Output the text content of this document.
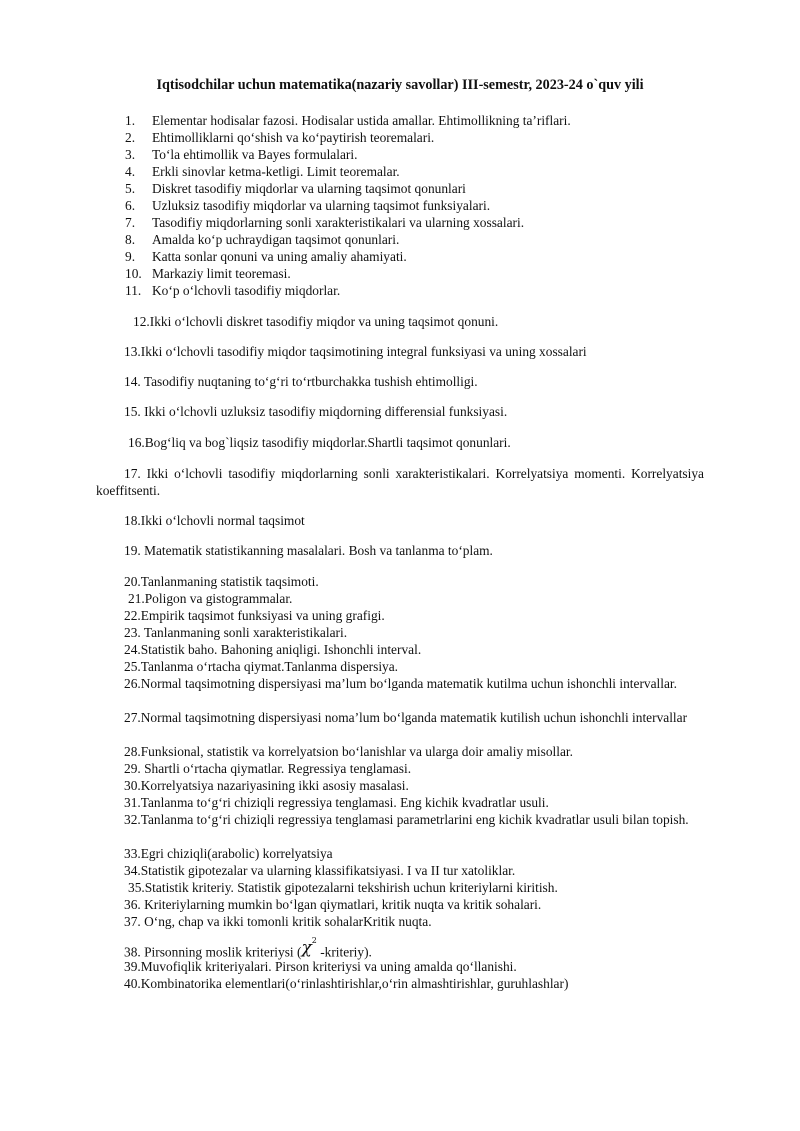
Iqtisodchilar uchun matematika(nazariy savollar) III-semestr, 2023-24 o`quv yili
1. Elementar hodisalar fazosi. Hodisalar ustida amallar. Ehtimollikning ta’riflari.
2. Ehtimolliklarni qo‘shish va ko‘paytirish teoremalari.
3. To‘la ehtimollik va Bayes formulalari.
4. Erkli sinovlar ketma-ketligi. Limit teoremalar.
5. Diskret tasodifiy miqdorlar va ularning taqsimot qonunlari
6. Uzluksiz tasodifiy miqdorlar va ularning taqsimot funksiyalari.
7. Tasodifiy miqdorlarning sonli xarakteristikalari va ularning xossalari.
8. Amalda ko‘p uchraydigan taqsimot qonunlari.
9. Katta sonlar qonuni va uning amaliy ahamiyati.
10. Markaziy limit teoremasi.
11. Ko‘p o‘lchovli tasodifiy miqdorlar.
12.Ikki o‘lchovli diskret tasodifiy miqdor va uning taqsimot qonuni.
13.Ikki o‘lchovli tasodifiy miqdor taqsimotining integral funksiyasi va uning xossalari
14. Tasodifiy nuqtaning to‘g‘ri to‘rtburchakka tushish ehtimolligi.
15. Ikki o‘lchovli uzluksiz tasodifiy miqdorning differensial funksiyasi.
16.Bog‘liq va bog`liqsiz tasodifiy miqdorlar.Shartli taqsimot qonunlari.
17. Ikki o‘lchovli tasodifiy miqdorlarning sonli xarakteristikalari. Korrelyatsiya momenti. Korrelyatsiya koeffitsenti.
18.Ikki o‘lchovli normal taqsimot
19. Matematik statistikanning masalalari. Bosh va tanlanma to‘plam.
20.Tanlanmaning statistik taqsimoti.
21.Poligon va gistogrammalar.
22.Empirik taqsimot funksiyasi va uning grafigi.
23. Tanlanmaning sonli xarakteristikalari.
24.Statistik baho. Bahoning aniqligi. Ishonchli interval.
25.Tanlanma o‘rtacha qiymat.Tanlanma dispersiya.
26.Normal taqsimotning dispersiyasi ma’lum bo‘lganda matematik kutilma uchun ishonchli intervallar.
27.Normal taqsimotning dispersiyasi noma’lum bo‘lganda matematik kutilish uchun ishonchli intervallar
28.Funksional, statistik va korrelyatsion bo‘lanishlar va ularga doir amaliy misollar.
29. Shartli o‘rtacha qiymatlar. Regressiya tenglamasi.
30.Korrelyatsiya nazariyasining ikki asosiy masalasi.
31.Tanlanma to‘g‘ri chiziqli regressiya tenglamasi. Eng kichik kvadratlar usuli.
32.Tanlanma to‘g‘ri chiziqli regressiya tenglamasi parametrlarini eng kichik kvadratlar usuli bilan topish.
33.Egri chiziqli(arabolic) korrelyatsiya
34.Statistik gipotezalar va ularning klassifikatsiyasi. I va II tur xatoliklar.
35.Statistik kriteriy. Statistik gipotezalarni tekshirish uchun kriteriylarni kiritish.
36. Kriteriylarning mumkin bo‘lgan qiymatlari, kritik nuqta va kritik sohalari.
37. O‘ng, chap va ikki tomonli kritik sohalarKritik nuqta.
38. Pirsonning moslik kriteriysi ($\chi^2$ -kriteriy).
39.Muvofiqlik kriteriyalari. Pirson kriteriysi va uning amalda qo‘llanishi.
40.Kombinatorika elementlari(o‘rinlashtirishlar,o‘rin almashtirishlar, guruhlashlar)
